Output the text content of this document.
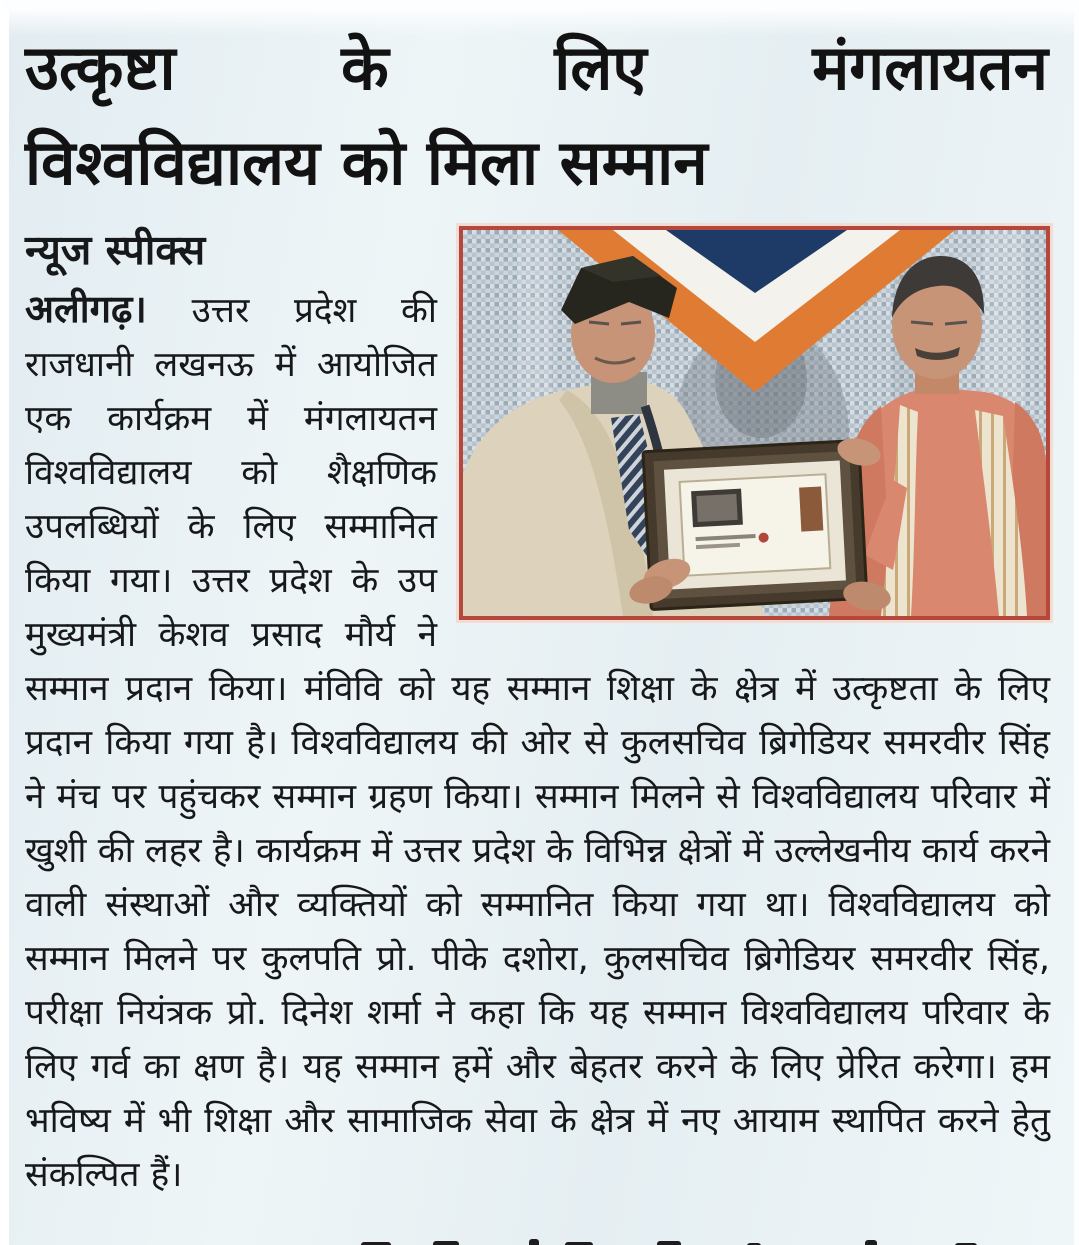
उत्कृष्टा के लिए मंगलायतन
विश्वविद्यालय को मिला सम्मान

न्यूज स्पीक्स

अलीगढ़। उत्तर प्रदेश की राजधानी लखनऊ में आयोजित एक कार्यक्रम में मंगलायतन विश्वविद्यालय को शैक्षणिक उपलब्धियों के लिए सम्मानित किया गया। उत्तर प्रदेश के उप मुख्यमंत्री केशव प्रसाद मौर्य ने सम्मान प्रदान किया। मंविवि को यह सम्मान शिक्षा के क्षेत्र में उत्कृष्टता के लिए प्रदान किया गया है। विश्वविद्यालय की ओर से कुलसचिव ब्रिगेडियर समरवीर सिंह ने मंच पर पहुंचकर सम्मान ग्रहण किया। सम्मान मिलने से विश्वविद्यालय परिवार में खुशी की लहर है। कार्यक्रम में उत्तर प्रदेश के विभिन्न क्षेत्रों में उल्लेखनीय कार्य करने वाली संस्थाओं और व्यक्तियों को सम्मानित किया गया था। विश्वविद्यालय को सम्मान मिलने पर कुलपति प्रो. पीके दशोरा, कुलसचिव ब्रिगेडियर समरवीर सिंह, परीक्षा नियंत्रक प्रो. दिनेश शर्मा ने कहा कि यह सम्मान विश्वविद्यालय परिवार के लिए गर्व का क्षण है। यह सम्मान हमें और बेहतर करने के लिए प्रेरित करेगा। हम भविष्य में भी शिक्षा और सामाजिक सेवा के क्षेत्र में नए आयाम स्थापित करने हेतु संकल्पित हैं।
